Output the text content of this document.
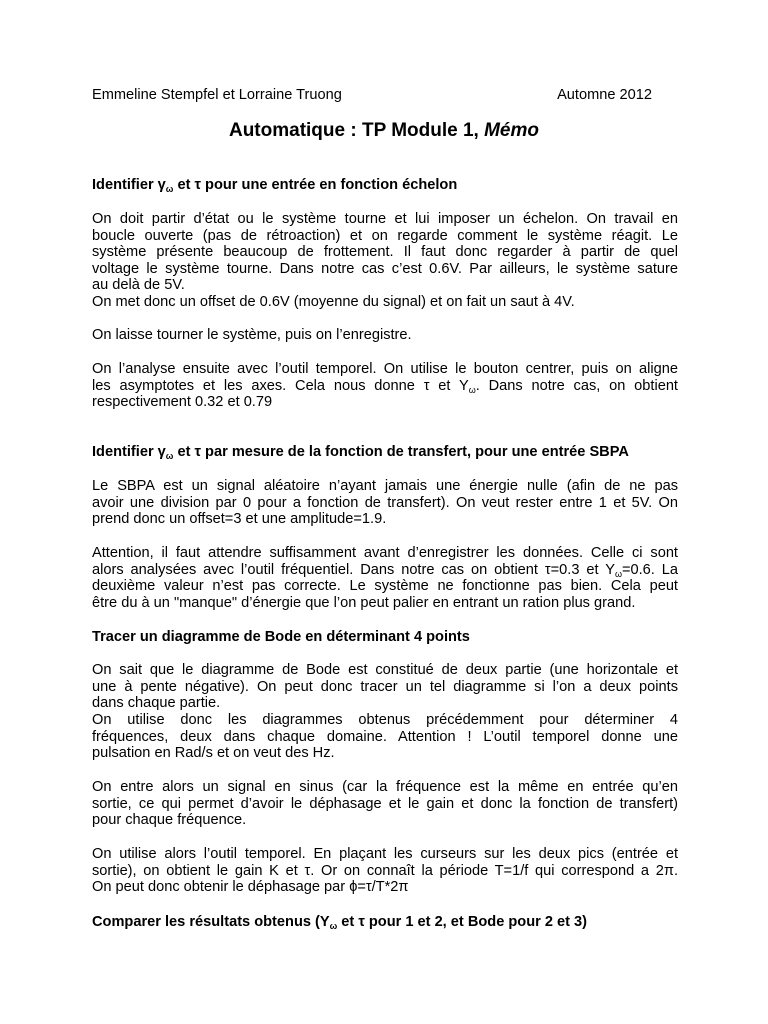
Emmeline Stempfel et Lorraine Truong	Automne 2012
Automatique : TP Module 1, Mémo

Identifier $\gamma_\omega$ et τ pour une entrée en fonction échelon

On doit partir d’état ou le système tourne et lui imposer un échelon. On travail en
boucle ouverte (pas de rétroaction) et on regarde comment le système réagit. Le
système présente beaucoup de frottement. Il faut donc regarder à partir de quel
voltage le système tourne. Dans notre cas c’est 0.6V. Par ailleurs, le système sature
au delà de 5V.
On met donc un offset de 0.6V (moyenne du signal) et on fait un saut à 4V.

On laisse tourner le système, puis on l’enregistre.

On l’analyse ensuite avec l’outil temporel. On utilise le bouton centrer, puis on aligne
les asymptotes et les axes. Cela nous donne τ et $Y_\omega$. Dans notre cas, on obtient
respectivement 0.32 et 0.79

Identifier $\gamma_\omega$ et τ par mesure de la fonction de transfert, pour une entrée SBPA

Le SBPA est un signal aléatoire n’ayant jamais une énergie nulle (afin de ne pas
avoir une division par 0 pour a fonction de transfert). On veut rester entre 1 et 5V. On
prend donc un offset=3 et une amplitude=1.9.

Attention, il faut attendre suffisamment avant d’enregistrer les données. Celle ci sont
alors analysées avec l’outil fréquentiel. Dans notre cas on obtient τ=0.3 et $Y_\omega=0.6$. La
deuxième valeur n’est pas correcte. Le système ne fonctionne pas bien. Cela peut
être du à un "manque" d’énergie que l’on peut palier en entrant un ration plus grand.

Tracer un diagramme de Bode en déterminant 4 points

On sait que le diagramme de Bode est constitué de deux partie (une horizontale et
une à pente négative). On peut donc tracer un tel diagramme si l’on a deux points
dans chaque partie.

On utilise donc les diagrammes obtenus précédemment pour déterminer 4
fréquences, deux dans chaque domaine. Attention ! L’outil temporel donne une
pulsation en Rad/s et on veut des Hz.

On entre alors un signal en sinus (car la fréquence est la même en entrée qu’en
sortie, ce qui permet d’avoir le déphasage et le gain et donc la fonction de transfert)
pour chaque fréquence.

On utilise alors l’outil temporel. En plaçant les curseurs sur les deux pics (entrée et
sortie), on obtient le gain K et τ. Or on connaît la période T=1/f qui correspond a 2π.
On peut donc obtenir le déphasage par ϕ=τ/T*2π

Comparer les résultats obtenus ($Y_\omega$ et τ pour 1 et 2, et Bode pour 2 et 3)
